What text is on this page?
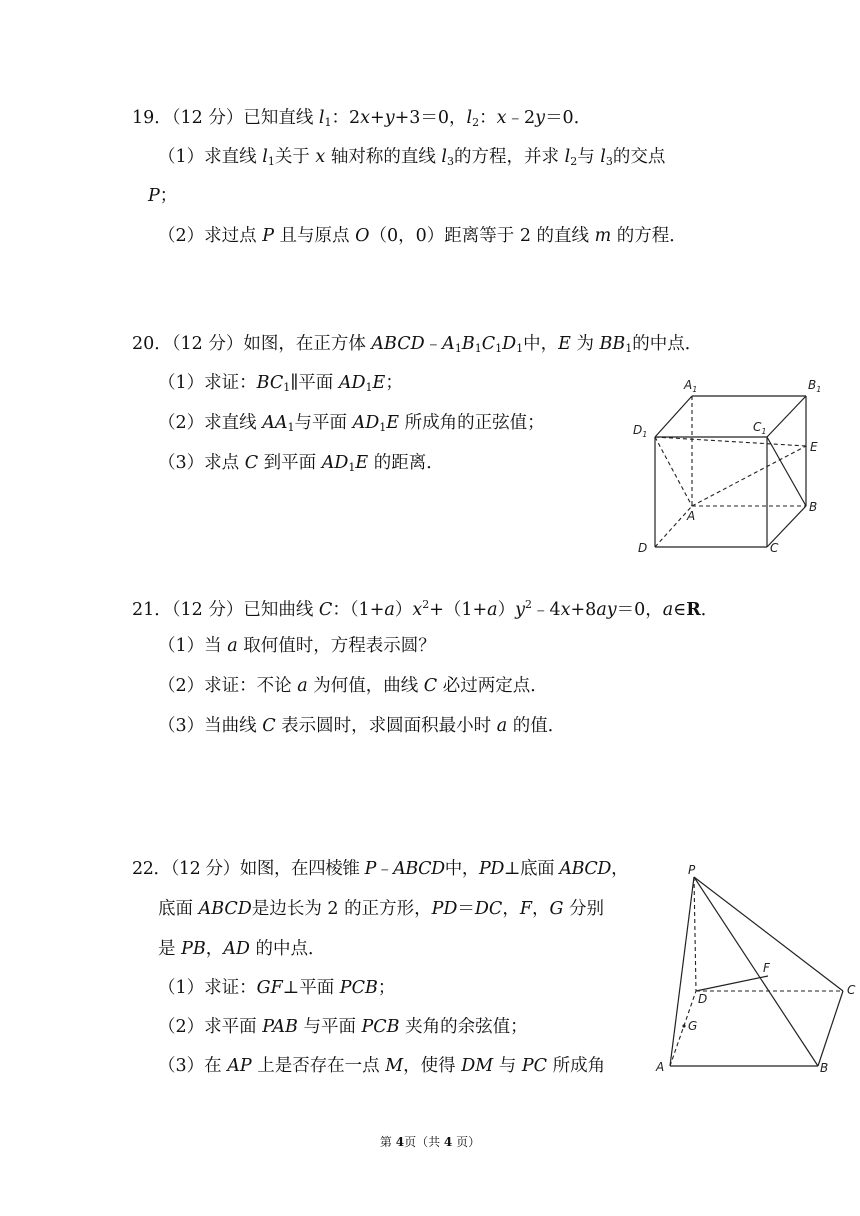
19．（12 分）已知直线 $l_1$：2x+y+3＝0，$l_2$：x﹣2y＝0．
（1）求直线 $l_1$关于 x 轴对称的直线 $l_3$的方程，并求 $l_2$与 $l_3$的交点
P；
（2）求过点 P 且与原点 O（0，0）距离等于 2 的直线 m 的方程．
20．（12 分）如图，在正方体 $ABCD﹣A_1B_1C_1D_1$中，E 为 $BB_1$的中点．
（1）求证：$BC_1\parallel$平面 $AD_1E$；
（2）求直线 $AA_1$与平面 $AD_1E$ 所成角的正弦值；
（3）求点 C 到平面 $AD_1E$ 的距离．
$A_1$	$B_1$
$D_1$
$C_1$
E
A
B
D	C
21．（12 分）已知曲线 C：$(1+a)x^2+(1+a)y^2﹣4x+8ay=0$，a∈R．
（1）当 a 取何值时，方程表示圆？
（2）求证：不论 a 为何值，曲线 C 必过两定点．
（3）当曲线 C 表示圆时，求圆面积最小时 a 的值．
22．（12 分）如图，在四棱锥 P﹣ABCD中，PD⊥底面 ABCD，
底面 ABCD是边长为 2 的正方形，PD＝DC，F，G 分别
是 PB，AD 的中点．
（1）求证：GF⊥平面 PCB；
（2）求平面 PAB 与平面 PCB 夹角的余弦值；
（3）在 AP 上是否存在一点 M，使得 DM 与 PC 所成角
P
F
D
C
G
A	B
第 4页（共 4 页）
